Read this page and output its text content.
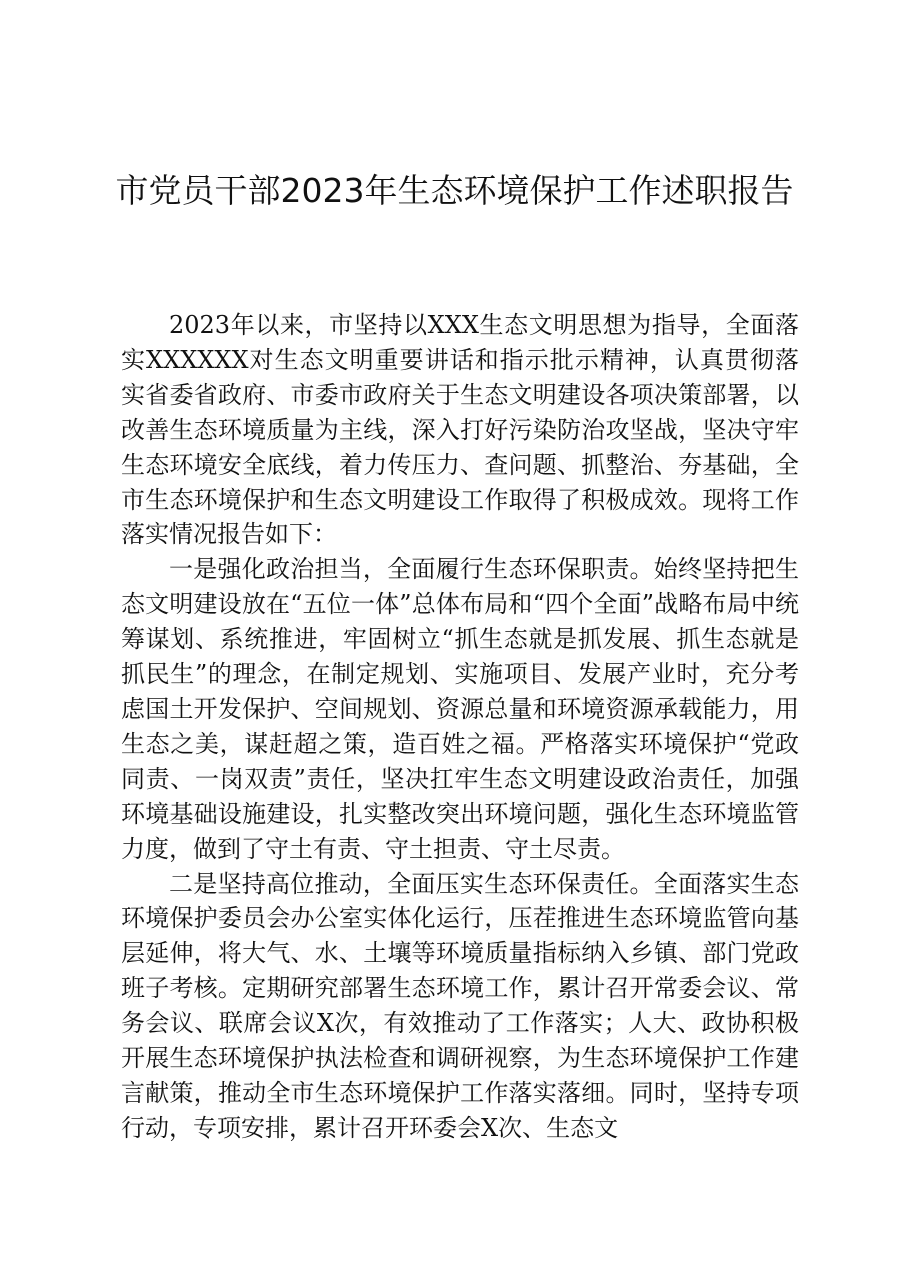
市党员干部2023年生态环境保护工作述职报告

2023年以来，市坚持以XXX生态文明思想为指导，全面落实XXXXXX对生态文明重要讲话和指示批示精神，认真贯彻落实省委省政府、市委市政府关于生态文明建设各项决策部署，以改善生态环境质量为主线，深入打好污染防治攻坚战，坚决守牢生态环境安全底线，着力传压力、查问题、抓整治、夯基础，全市生态环境保护和生态文明建设工作取得了积极成效。现将工作落实情况报告如下：

一是强化政治担当，全面履行生态环保职责。始终坚持把生态文明建设放在“五位一体”总体布局和“四个全面”战略布局中统筹谋划、系统推进，牢固树立“抓生态就是抓发展、抓生态就是抓民生”的理念，在制定规划、实施项目、发展产业时，充分考虑国土开发保护、空间规划、资源总量和环境资源承载能力，用生态之美，谋赶超之策，造百姓之福。严格落实环境保护“党政同责、一岗双责”责任，坚决扛牢生态文明建设政治责任，加强环境基础设施建设，扎实整改突出环境问题，强化生态环境监管力度，做到了守土有责、守土担责、守土尽责。

二是坚持高位推动，全面压实生态环保责任。全面落实生态环境保护委员会办公室实体化运行，压茬推进生态环境监管向基层延伸，将大气、水、土壤等环境质量指标纳入乡镇、部门党政班子考核。定期研究部署生态环境工作，累计召开常委会议、常务会议、联席会议X次，有效推动了工作落实；人大、政协积极开展生态环境保护执法检查和调研视察，为生态环境保护工作建言献策，推动全市生态环境保护工作落实落细。同时，坚持专项行动，专项安排，累计召开环委会X次、生态文
